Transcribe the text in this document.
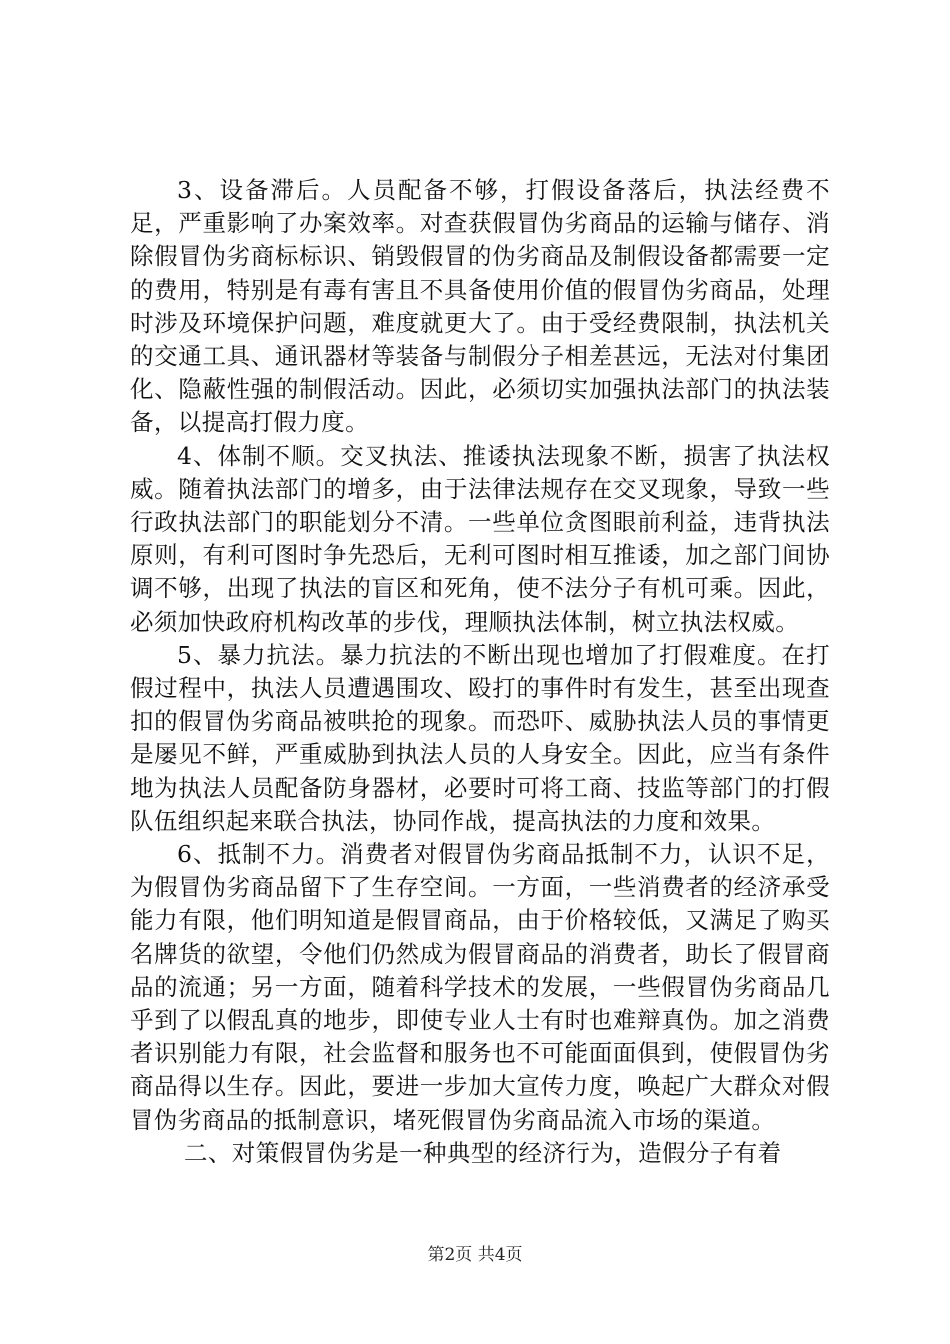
3、设备滞后。人员配备不够，打假设备落后，执法经费不足，严重影响了办案效率。对查获假冒伪劣商品的运输与储存、消除假冒伪劣商标标识、销毁假冒的伪劣商品及制假设备都需要一定的费用，特别是有毒有害且不具备使用价值的假冒伪劣商品，处理时涉及环境保护问题，难度就更大了。由于受经费限制，执法机关的交通工具、通讯器材等装备与制假分子相差甚远，无法对付集团化、隐蔽性强的制假活动。因此，必须切实加强执法部门的执法装备，以提高打假力度。

4、体制不顺。交叉执法、推诿执法现象不断，损害了执法权威。随着执法部门的增多，由于法律法规存在交叉现象，导致一些行政执法部门的职能划分不清。一些单位贪图眼前利益，违背执法原则，有利可图时争先恐后，无利可图时相互推诿，加之部门间协调不够，出现了执法的盲区和死角，使不法分子有机可乘。因此，必须加快政府机构改革的步伐，理顺执法体制，树立执法权威。

5、暴力抗法。暴力抗法的不断出现也增加了打假难度。在打假过程中，执法人员遭遇围攻、殴打的事件时有发生，甚至出现查扣的假冒伪劣商品被哄抢的现象。而恐吓、威胁执法人员的事情更是屡见不鲜，严重威胁到执法人员的人身安全。因此，应当有条件地为执法人员配备防身器材，必要时可将工商、技监等部门的打假队伍组织起来联合执法，协同作战，提高执法的力度和效果。

6、抵制不力。消费者对假冒伪劣商品抵制不力，认识不足，为假冒伪劣商品留下了生存空间。一方面，一些消费者的经济承受能力有限，他们明知道是假冒商品，由于价格较低，又满足了购买名牌货的欲望，令他们仍然成为假冒商品的消费者，助长了假冒商品的流通；另一方面，随着科学技术的发展，一些假冒伪劣商品几乎到了以假乱真的地步，即使专业人士有时也难辩真伪。加之消费者识别能力有限，社会监督和服务也不可能面面俱到，使假冒伪劣商品得以生存。因此，要进一步加大宣传力度，唤起广大群众对假冒伪劣商品的抵制意识，堵死假冒伪劣商品流入市场的渠道。

二、对策假冒伪劣是一种典型的经济行为，造假分子有着

第2页 共4页
